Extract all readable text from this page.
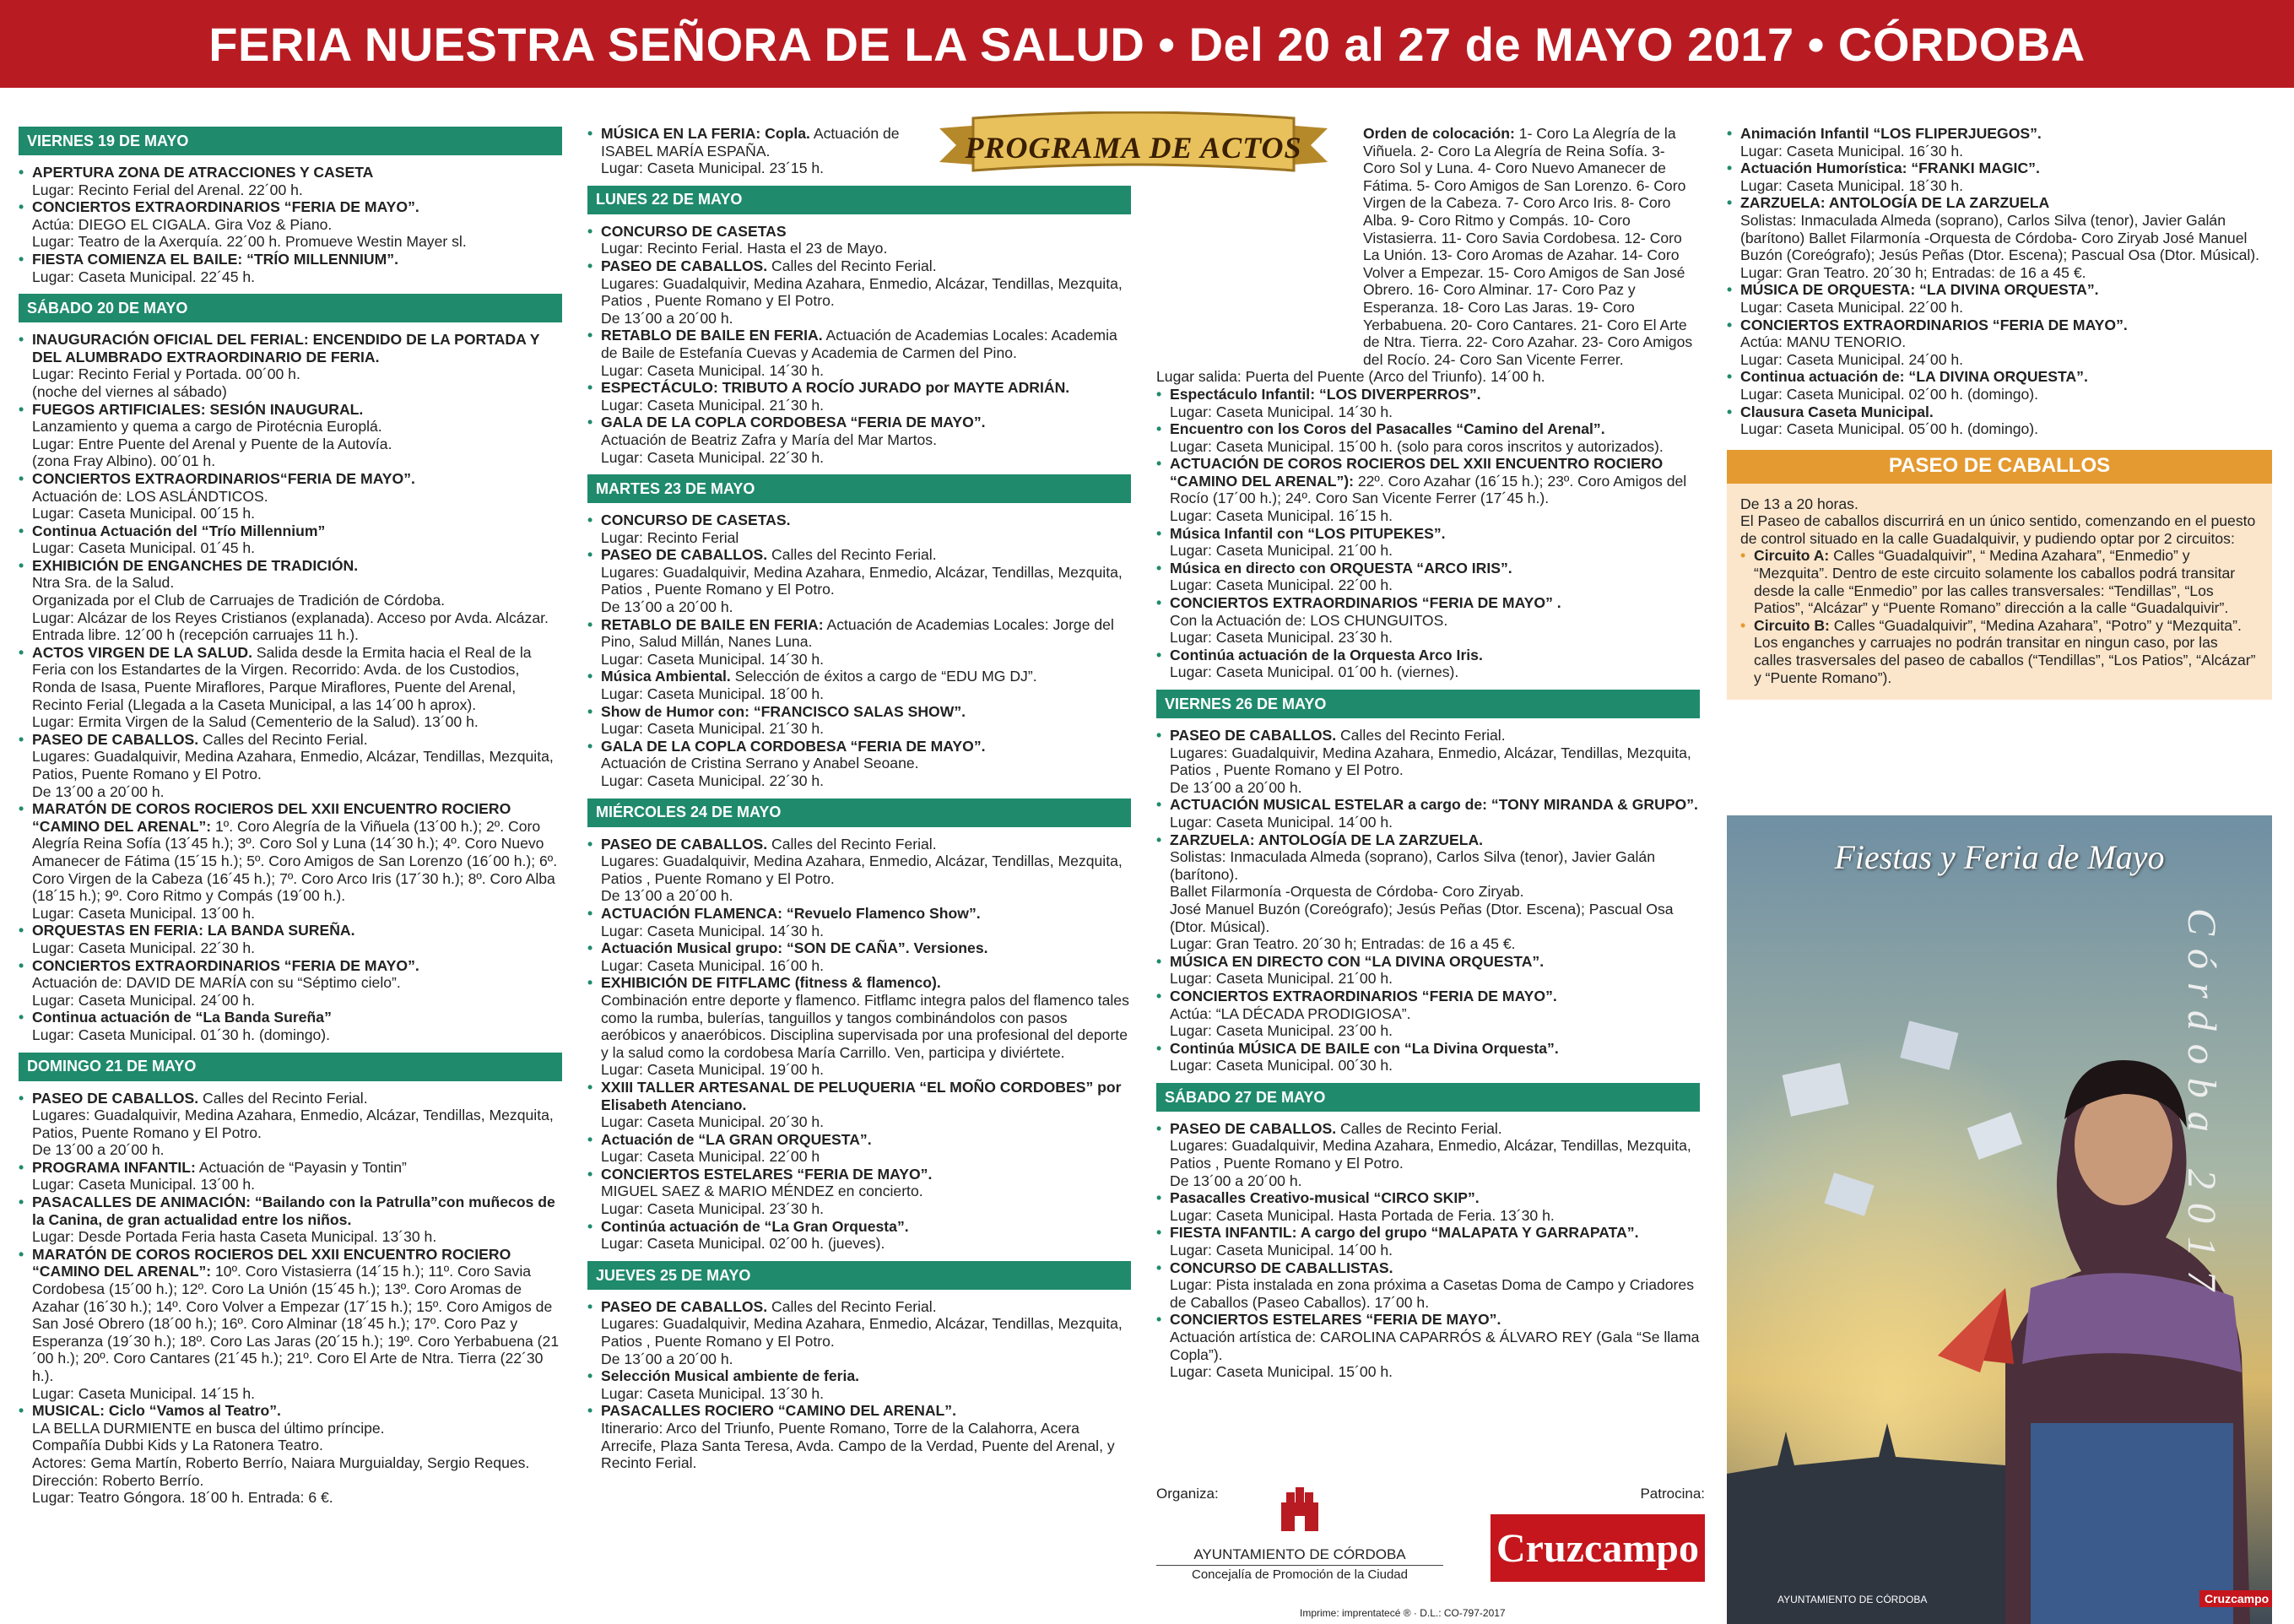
FERIA NUESTRA SEÑORA DE LA SALUD • Del 20 al 27 de MAYO 2017 • CÓRDOBA
PROGRAMA DE ACTOS
VIERNES 19 DE MAYO
• APERTURA ZONA DE ATRACCIONES Y CASETA
Lugar: Recinto Ferial del Arenal. 22´00 h.
• CONCIERTOS EXTRAORDINARIOS “FERIA DE MAYO”.
Actúa: DIEGO EL CIGALA. Gira Voz & Piano.
Lugar: Teatro de la Axerquía. 22´00 h. Promueve Westin Mayer sl.
• FIESTA COMIENZA EL BAILE: “TRÍO MILLENNIUM”.
Lugar: Caseta Municipal. 22´45 h.
SÁBADO 20 DE MAYO
• INAUGURACIÓN OFICIAL DEL FERIAL: ENCENDIDO DE LA PORTADA Y DEL ALUMBRADO EXTRAORDINARIO DE FERIA.
Lugar: Recinto Ferial y Portada. 00´00 h.
(noche del viernes al sábado)
• FUEGOS ARTIFICIALES: SESIÓN INAUGURAL.
Lanzamiento y quema a cargo de Pirotécnia Europlá.
Lugar: Entre Puente del Arenal y Puente de la Autovía.
(zona Fray Albino). 00´01 h.
• CONCIERTOS EXTRAORDINARIOS“FERIA DE MAYO”.
Actuación de: LOS ASLÁNDTICOS.
Lugar: Caseta Municipal. 00´15 h.
• Continua Actuación del “Trío Millennium”
Lugar: Caseta Municipal. 01´45 h.
• EXHIBICIÓN DE ENGANCHES DE TRADICIÓN.
Ntra Sra. de la Salud.
Organizada por el Club de Carruajes de Tradición de Córdoba.
Lugar: Alcázar de los Reyes Cristianos (explanada). Acceso por Avda. Alcázar. Entrada libre. 12´00 h (recepción carruajes 11 h.).
• ACTOS VIRGEN DE LA SALUD. Salida desde la Ermita hacia el Real de la Feria con los Estandartes de la Virgen. Recorrido: Avda. de los Custodios, Ronda de Isasa, Puente Miraflores, Parque Miraflores, Puente del Arenal, Recinto Ferial (Llegada a la Caseta Municipal, a las 14´00 h aprox).
Lugar: Ermita Virgen de la Salud (Cementerio de la Salud). 13´00 h.
• PASEO DE CABALLOS. Calles del Recinto Ferial.
Lugares: Guadalquivir, Medina Azahara, Enmedio, Alcázar, Tendillas, Mezquita, Patios, Puente Romano y El Potro.
De 13´00 a 20´00 h.
• MARATÓN DE COROS ROCIEROS DEL XXII ENCUENTRO ROCIERO “CAMINO DEL ARENAL”: 1º. Coro Alegría de la Viñuela (13´00 h.); 2º. Coro Alegría Reina Sofía (13´45 h.); 3º. Coro Sol y Luna (14´30 h.); 4º. Coro Nuevo Amanecer de Fátima (15´15 h.); 5º. Coro Amigos de San Lorenzo (16´00 h.); 6º. Coro Virgen de la Cabeza (16´45 h.); 7º. Coro Arco Iris (17´30 h.); 8º. Coro Alba (18´15 h.); 9º. Coro Ritmo y Compás (19´00 h.).
Lugar: Caseta Municipal. 13´00 h.
• ORQUESTAS EN FERIA: LA BANDA SUREÑA.
Lugar: Caseta Municipal. 22´30 h.
• CONCIERTOS EXTRAORDINARIOS “FERIA DE MAYO”.
Actuación de: DAVID DE MARÍA con su “Séptimo cielo”.
Lugar: Caseta Municipal. 24´00 h.
• Continua actuación de “La Banda Sureña”
Lugar: Caseta Municipal. 01´30 h. (domingo).
DOMINGO 21 DE MAYO
• PASEO DE CABALLOS. Calles del Recinto Ferial.
Lugares: Guadalquivir, Medina Azahara, Enmedio, Alcázar, Tendillas, Mezquita, Patios, Puente Romano y El Potro.
De 13´00 a 20´00 h.
• PROGRAMA INFANTIL: Actuación de “Payasin y Tontin”
Lugar: Caseta Municipal. 13´00 h.
• PASACALLES DE ANIMACIÓN: “Bailando con la Patrulla”con muñecos de la Canina, de gran actualidad entre los niños.
Lugar: Desde Portada Feria hasta Caseta Municipal. 13´30 h.
• MARATÓN DE COROS ROCIEROS DEL XXII ENCUENTRO ROCIERO “CAMINO DEL ARENAL”: 10º. Coro Vistasierra (14´15 h.); 11º. Coro Savia Cordobesa (15´00 h.); 12º. Coro La Unión (15´45 h.); 13º. Coro Aromas de Azahar (16´30 h.); 14º. Coro Volver a Empezar (17´15 h.); 15º. Coro Amigos de San José Obrero (18´00 h.); 16º. Coro Alminar (18´45 h.); 17º. Coro Paz y Esperanza (19´30 h.); 18º. Coro Las Jaras (20´15 h.); 19º. Coro Yerbabuena (21´00 h.); 20º. Coro Cantares (21´45 h.); 21º. Coro El Arte de Ntra. Tierra (22´30 h.).
Lugar: Caseta Municipal. 14´15 h.
• MUSICAL: Ciclo “Vamos al Teatro”.
LA BELLA DURMIENTE en busca del último príncipe.
Compañía Dubbi Kids y La Ratonera Teatro.
Actores: Gema Martín, Roberto Berrío, Naiara Murguialday, Sergio Reques. Dirección: Roberto Berrío.
Lugar: Teatro Góngora. 18´00 h. Entrada: 6 €.
• MÚSICA EN LA FERIA: Copla. Actuación de ISABEL MARÍA ESPAÑA.
Lugar: Caseta Municipal. 23´15 h.
LUNES 22 DE MAYO
• CONCURSO DE CASETAS
Lugar: Recinto Ferial. Hasta el 23 de Mayo.
• PASEO DE CABALLOS. Calles del Recinto Ferial.
Lugares: Guadalquivir, Medina Azahara, Enmedio, Alcázar, Tendillas, Mezquita, Patios , Puente Romano y El Potro.
De 13´00 a 20´00 h.
• RETABLO DE BAILE EN FERIA. Actuación de Academias Locales: Academia de Baile de Estefanía Cuevas y Academia de Carmen del Pino.
Lugar: Caseta Municipal. 14´30 h.
• ESPECTÁCULO: TRIBUTO A ROCÍO JURADO por MAYTE ADRIÁN.
Lugar: Caseta Municipal. 21´30 h.
• GALA DE LA COPLA CORDOBESA “FERIA DE MAYO”.
Actuación de Beatriz Zafra y María del Mar Martos.
Lugar: Caseta Municipal. 22´30 h.
MARTES 23 DE MAYO
• CONCURSO DE CASETAS.
Lugar: Recinto Ferial
• PASEO DE CABALLOS. Calles del Recinto Ferial.
Lugares: Guadalquivir, Medina Azahara, Enmedio, Alcázar, Tendillas, Mezquita, Patios , Puente Romano y El Potro.
De 13´00 a 20´00 h.
• RETABLO DE BAILE EN FERIA: Actuación de Academias Locales: Jorge del Pino, Salud Millán, Nanes Luna.
Lugar: Caseta Municipal. 14´30 h.
• Música Ambiental. Selección de éxitos a cargo de “EDU MG DJ”.
Lugar: Caseta Municipal. 18´00 h.
• Show de Humor con: “FRANCISCO SALAS SHOW”.
Lugar: Caseta Municipal. 21´30 h.
• GALA DE LA COPLA CORDOBESA “FERIA DE MAYO”.
Actuación de Cristina Serrano y Anabel Seoane.
Lugar: Caseta Municipal. 22´30 h.
MIÉRCOLES 24 DE MAYO
• PASEO DE CABALLOS. Calles del Recinto Ferial.
Lugares: Guadalquivir, Medina Azahara, Enmedio, Alcázar, Tendillas, Mezquita, Patios , Puente Romano y El Potro.
De 13´00 a 20´00 h.
• ACTUACIÓN FLAMENCA: “Revuelo Flamenco Show”.
Lugar: Caseta Municipal. 14´30 h.
• Actuación Musical grupo: “SON DE CAÑA”. Versiones.
Lugar: Caseta Municipal. 16´00 h.
• EXHIBICIÓN DE FITFLAMC (fitness & flamenco).
Combinación entre deporte y flamenco. Fitflamc integra palos del flamenco tales como la rumba, bulerías, tanguillos y tangos combinándolos con pasos aeróbicos y anaeróbicos. Disciplina supervisada por una profesional del deporte y la salud como la cordobesa María Carrillo. Ven, participa y diviértete.
Lugar: Caseta Municipal. 19´00 h.
• XXIII TALLER ARTESANAL DE PELUQUERIA “EL MOÑO CORDOBES” por Elisabeth Atenciano.
Lugar: Caseta Municipal. 20´30 h.
• Actuación de “LA GRAN ORQUESTA”.
Lugar: Caseta Municipal. 22´00 h
• CONCIERTOS ESTELARES “FERIA DE MAYO”.
MIGUEL SAEZ & MARIO MÉNDEZ en concierto.
Lugar: Caseta Municipal. 23´30 h.
• Continúa actuación de “La Gran Orquesta”.
Lugar: Caseta Municipal. 02´00 h. (jueves).
JUEVES 25 DE MAYO
• PASEO DE CABALLOS. Calles del Recinto Ferial.
Lugares: Guadalquivir, Medina Azahara, Enmedio, Alcázar, Tendillas, Mezquita, Patios , Puente Romano y El Potro.
De 13´00 a 20´00 h.
• Selección Musical ambiente de feria.
Lugar: Caseta Municipal. 13´30 h.
• PASACALLES ROCIERO “CAMINO DEL ARENAL”.
Itinerario: Arco del Triunfo, Puente Romano, Torre de la Calahorra, Acera Arrecife, Plaza Santa Teresa, Avda. Campo de la Verdad, Puente del Arenal, y Recinto Ferial.
Orden de colocación: 1- Coro La Alegría de la Viñuela. 2- Coro La Alegría de Reina Sofía. 3- Coro Sol y Luna. 4- Coro Nuevo Amanecer de Fátima. 5- Coro Amigos de San Lorenzo. 6- Coro Virgen de la Cabeza. 7- Coro Arco Iris. 8- Coro Alba. 9- Coro Ritmo y Compás. 10- Coro Vistasierra. 11- Coro Savia Cordobesa. 12- Coro La Unión. 13- Coro Aromas de Azahar. 14- Coro Volver a Empezar. 15- Coro Amigos de San José Obrero. 16- Coro Alminar. 17- Coro Paz y Esperanza. 18- Coro Las Jaras. 19- Coro Yerbabuena. 20- Coro Cantares. 21- Coro El Arte de Ntra. Tierra. 22- Coro Azahar. 23- Coro Amigos del Rocío. 24- Coro San Vicente Ferrer.
Lugar salida: Puerta del Puente (Arco del Triunfo). 14´00 h.
• Espectáculo Infantil: “LOS DIVERPERROS”.
Lugar: Caseta Municipal. 14´30 h.
• Encuentro con los Coros del Pasacalles “Camino del Arenal”.
Lugar: Caseta Municipal. 15´00 h. (solo para coros inscritos y autorizados).
• ACTUACIÓN DE COROS ROCIEROS DEL XXII ENCUENTRO ROCIERO “CAMINO DEL ARENAL”): 22º. Coro Azahar (16´15 h.); 23º. Coro Amigos del Rocío (17´00 h.); 24º. Coro San Vicente Ferrer (17´45 h.).
Lugar: Caseta Municipal. 16´15 h.
• Música Infantil con “LOS PITUPEKES”.
Lugar: Caseta Municipal. 21´00 h.
• Música en directo con ORQUESTA “ARCO IRIS”.
Lugar: Caseta Municipal. 22´00 h.
• CONCIERTOS EXTRAORDINARIOS “FERIA DE MAYO” .
Con la Actuación de: LOS CHUNGUITOS.
Lugar: Caseta Municipal. 23´30 h.
• Continúa actuación de la Orquesta Arco Iris.
Lugar: Caseta Municipal. 01´00 h. (viernes).
VIERNES 26 DE MAYO
• PASEO DE CABALLOS. Calles del Recinto Ferial.
Lugares: Guadalquivir, Medina Azahara, Enmedio, Alcázar, Tendillas, Mezquita, Patios , Puente Romano y El Potro.
De 13´00 a 20´00 h.
• ACTUACIÓN MUSICAL ESTELAR a cargo de: “TONY MIRANDA & GRUPO”.
Lugar: Caseta Municipal. 14´00 h.
• ZARZUELA: ANTOLOGÍA DE LA ZARZUELA.
Solistas: Inmaculada Almeda (soprano), Carlos Silva (tenor), Javier Galán (barítono).
Ballet Filarmonía -Orquesta de Córdoba- Coro Ziryab.
José Manuel Buzón (Coreógrafo); Jesús Peñas (Dtor. Escena); Pascual Osa (Dtor. Músical).
Lugar: Gran Teatro. 20´30 h; Entradas: de 16 a 45 €.
• MÚSICA EN DIRECTO CON “LA DIVINA ORQUESTA”.
Lugar: Caseta Municipal. 21´00 h.
• CONCIERTOS EXTRAORDINARIOS “FERIA DE MAYO”.
Actúa: “LA DÉCADA PRODIGIOSA”.
Lugar: Caseta Municipal. 23´00 h.
• Continúa MÚSICA DE BAILE con “La Divina Orquesta”.
Lugar: Caseta Municipal. 00´30 h.
SÁBADO 27 DE MAYO
• PASEO DE CABALLOS. Calles de Recinto Ferial.
Lugares: Guadalquivir, Medina Azahara, Enmedio, Alcázar, Tendillas, Mezquita, Patios , Puente Romano y El Potro.
De 13´00 a 20´00 h.
• Pasacalles Creativo-musical “CIRCO SKIP”.
Lugar: Caseta Municipal. Hasta Portada de Feria. 13´30 h.
• FIESTA INFANTIL: A cargo del grupo “MALAPATA Y GARRAPATA”.
Lugar: Caseta Municipal. 14´00 h.
• CONCURSO DE CABALLISTAS.
Lugar: Pista instalada en zona próxima a Casetas Doma de Campo y Criadores de Caballos (Paseo Caballos). 17´00 h.
• CONCIERTOS ESTELARES “FERIA DE MAYO”.
Actuación artística de: CAROLINA CAPARRÓS & ÁLVARO REY (Gala “Se llama Copla”).
Lugar: Caseta Municipal. 15´00 h.
• Animación Infantil “LOS FLIPERJUEGOS”.
Lugar: Caseta Municipal. 16´30 h.
• Actuación Humorística: “FRANKI MAGIC”.
Lugar: Caseta Municipal. 18´30 h.
• ZARZUELA: ANTOLOGÍA DE LA ZARZUELA
Solistas: Inmaculada Almeda (soprano), Carlos Silva (tenor), Javier Galán (barítono) Ballet Filarmonía -Orquesta de Córdoba- Coro Ziryab José Manuel Buzón (Coreógrafo); Jesús Peñas (Dtor. Escena); Pascual Osa (Dtor. Músical).
Lugar: Gran Teatro. 20´30 h; Entradas: de 16 a 45 €.
• MÚSICA DE ORQUESTA: “LA DIVINA ORQUESTA”.
Lugar: Caseta Municipal. 22´00 h.
• CONCIERTOS EXTRAORDINARIOS “FERIA DE MAYO”.
Actúa: MANU TENORIO.
Lugar: Caseta Municipal. 24´00 h.
• Continua actuación de: “LA DIVINA ORQUESTA”.
Lugar: Caseta Municipal. 02´00 h. (domingo).
• Clausura Caseta Municipal.
Lugar: Caseta Municipal. 05´00 h. (domingo).
PASEO DE CABALLOS
De 13 a 20 horas.
El Paseo de caballos discurrirá en un único sentido, comenzando en el puesto de control situado en la calle Guadalquivir, y pudiendo optar por 2 circuitos:
• Circuito A: Calles “Guadalquivir”, “ Medina Azahara”, “Enmedio” y “Mezquita”. Dentro de este circuito solamente los caballos podrá transitar desde la calle “Enmedio” por las calles transversales: “Tendillas”, “Los Patios”, “Alcázar” y “Puente Romano” dirección a la calle “Guadalquivir”.
• Circuito B: Calles “Guadalquivir”, “Medina Azahara”, “Potro” y “Mezquita”.
Los enganches y carruajes no podrán transitar en ningun caso, por las calles trasversales del paseo de caballos (“Tendillas”, “Los Patios”, “Alcázar” y “Puente Romano”).
Fiestas y Feria de Mayo
Córdoba 2017
AYUNTAMIENTO DE CÓRDOBA	Cruzcampo
Organiza:
AYUNTAMIENTO DE CÓRDOBA
Concejalía de Promoción de la Ciudad
Patrocina:
Cruzcampo
Imprime: imprentatecé ® · D.L.: CO-797-2017
